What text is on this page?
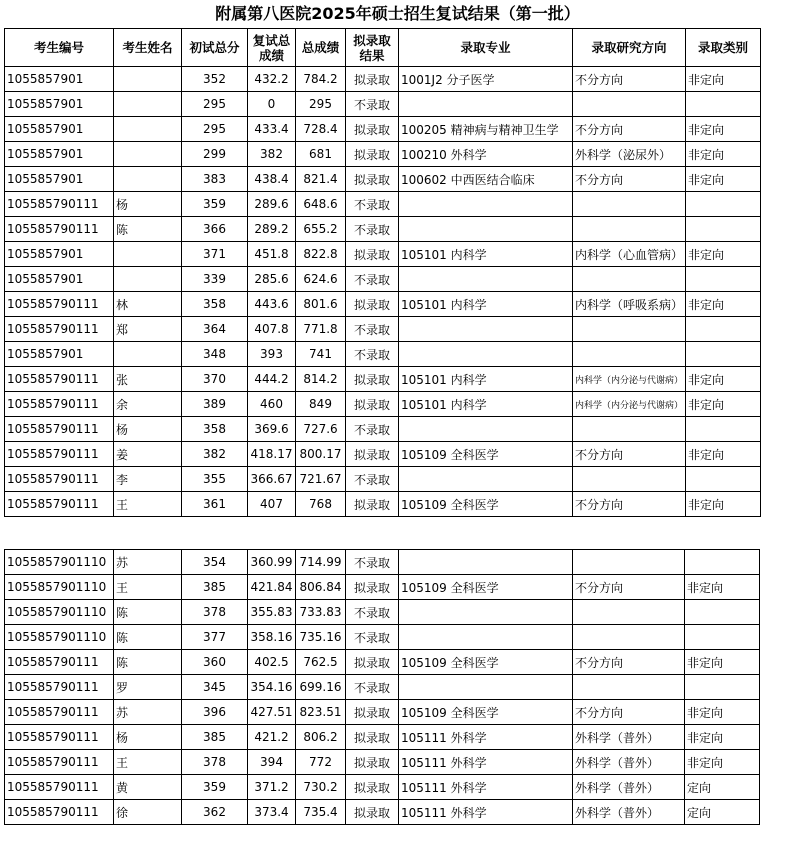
附属第八医院2025年硕士招生复试结果（第一批）
考生编号	考生姓名	初试总分	复试总成绩	总成绩	拟录取结果	录取专业	录取研究方向	录取类别
1055857901		352	432.2	784.2	拟录取	1001J2 分子医学	不分方向	非定向
1055857901		295	0	295	不录取			
1055857901		295	433.4	728.4	拟录取	100205 精神病与精神卫生学	不分方向	非定向
1055857901		299	382	681	拟录取	100210 外科学	外科学（泌尿外）	非定向
1055857901		383	438.4	821.4	拟录取	100602 中西医结合临床	不分方向	非定向
105585790111	杨	359	289.6	648.6	不录取			
105585790111	陈	366	289.2	655.2	不录取			
1055857901		371	451.8	822.8	拟录取	105101 内科学	内科学（心血管病）	非定向
1055857901		339	285.6	624.6	不录取			
105585790111	林	358	443.6	801.6	拟录取	105101 内科学	内科学（呼吸系病）	非定向
105585790111	郑	364	407.8	771.8	不录取			
1055857901		348	393	741	不录取			
105585790111	张	370	444.2	814.2	拟录取	105101 内科学	内科学（内分泌与代谢病）	非定向
105585790111	余	389	460	849	拟录取	105101 内科学	内科学（内分泌与代谢病）	非定向
105585790111	杨	358	369.6	727.6	不录取			
105585790111	姜	382	418.17	800.17	拟录取	105109 全科医学	不分方向	非定向
105585790111	李	355	366.67	721.67	不录取			
105585790111	王	361	407	768	拟录取	105109 全科医学	不分方向	非定向
1055857901110	苏	354	360.99	714.99	不录取			
1055857901110	王	385	421.84	806.84	拟录取	105109 全科医学	不分方向	非定向
1055857901110	陈	378	355.83	733.83	不录取			
1055857901110	陈	377	358.16	735.16	不录取			
105585790111	陈	360	402.5	762.5	拟录取	105109 全科医学	不分方向	非定向
105585790111	罗	345	354.16	699.16	不录取			
105585790111	苏	396	427.51	823.51	拟录取	105109 全科医学	不分方向	非定向
105585790111	杨	385	421.2	806.2	拟录取	105111 外科学	外科学（普外）	非定向
105585790111	王	378	394	772	拟录取	105111 外科学	外科学（普外）	非定向
105585790111	黄	359	371.2	730.2	拟录取	105111 外科学	外科学（普外）	定向
105585790111	徐	362	373.4	735.4	拟录取	105111 外科学	外科学（普外）	定向
